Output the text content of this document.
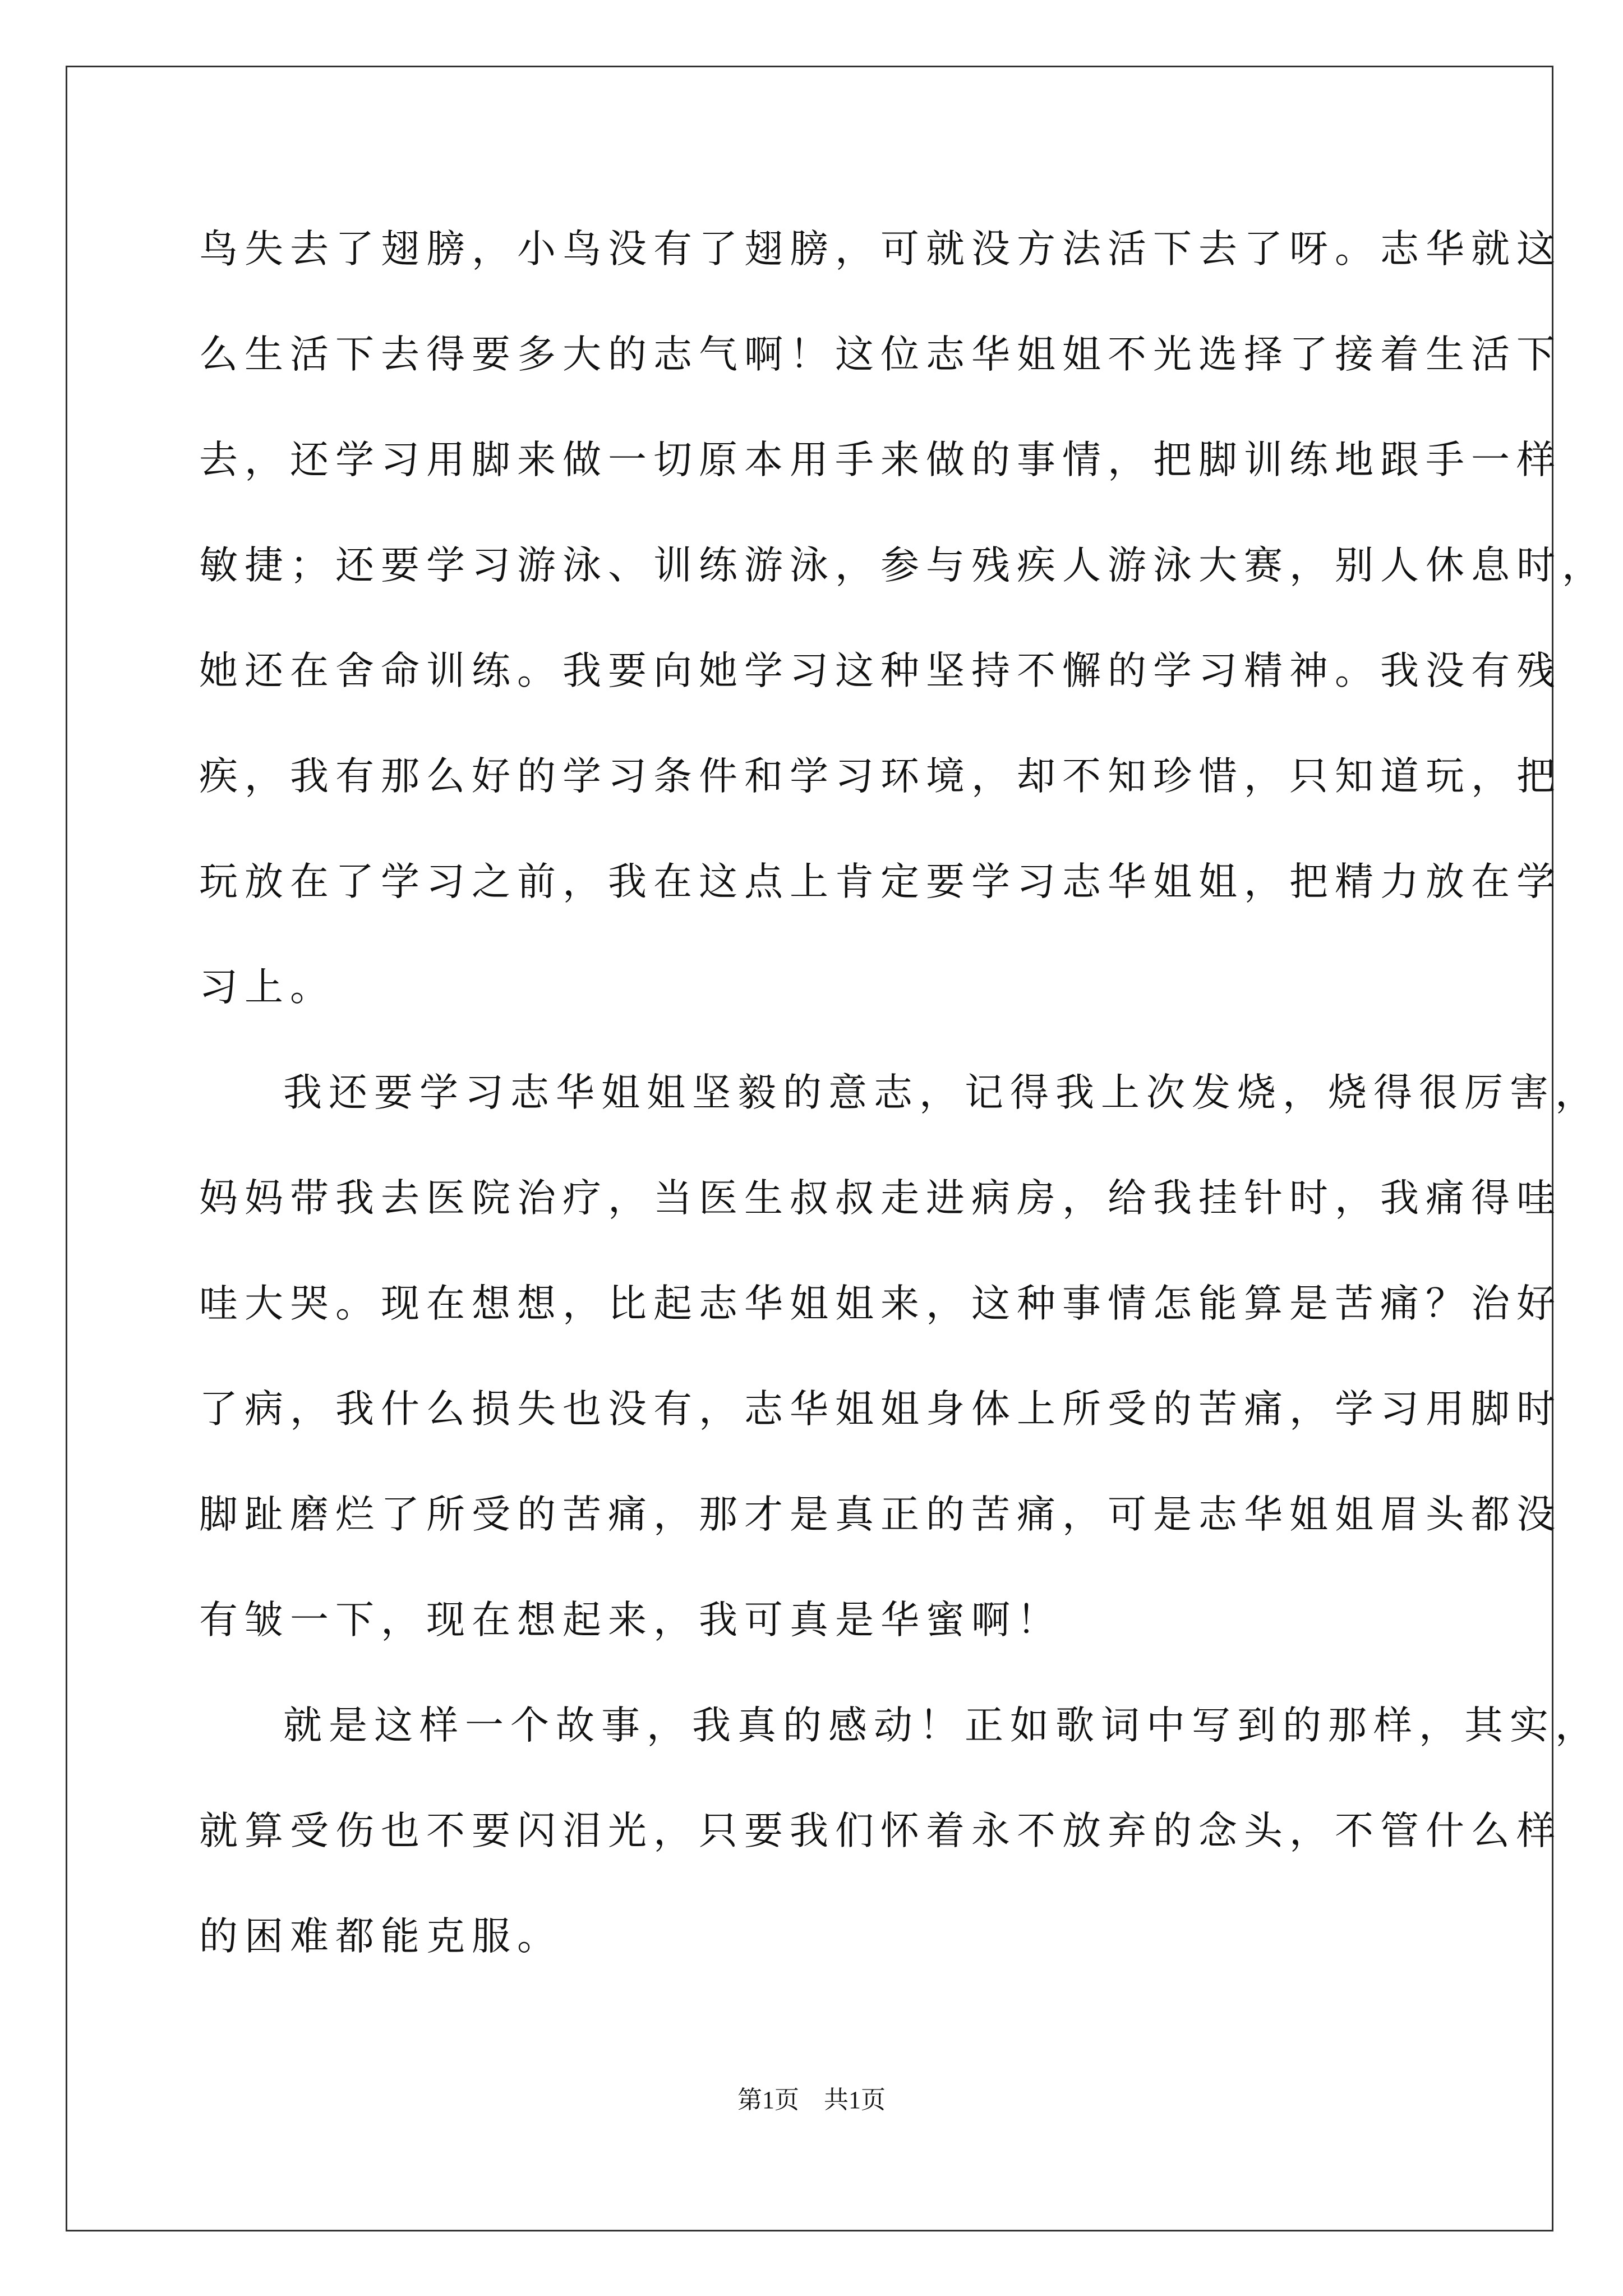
鸟失去了翅膀，小鸟没有了翅膀，可就没方法活下去了呀。志华就这
么生活下去得要多大的志气啊！这位志华姐姐不光选择了接着生活下
去，还学习用脚来做一切原本用手来做的事情，把脚训练地跟手一样
敏捷；还要学习游泳、训练游泳，参与残疾人游泳大赛，别人休息时，
她还在舍命训练。我要向她学习这种坚持不懈的学习精神。我没有残
疾，我有那么好的学习条件和学习环境，却不知珍惜，只知道玩，把
玩放在了学习之前，我在这点上肯定要学习志华姐姐，把精力放在学
习上。
我还要学习志华姐姐坚毅的意志，记得我上次发烧，烧得很厉害，
妈妈带我去医院治疗，当医生叔叔走进病房，给我挂针时，我痛得哇
哇大哭。现在想想，比起志华姐姐来，这种事情怎能算是苦痛？治好
了病，我什么损失也没有，志华姐姐身体上所受的苦痛，学习用脚时
脚趾磨烂了所受的苦痛，那才是真正的苦痛，可是志华姐姐眉头都没
有皱一下，现在想起来，我可真是华蜜啊！
就是这样一个故事，我真的感动！正如歌词中写到的那样，其实，
就算受伤也不要闪泪光，只要我们怀着永不放弃的念头，不管什么样
的困难都能克服。
第1页 共1页
